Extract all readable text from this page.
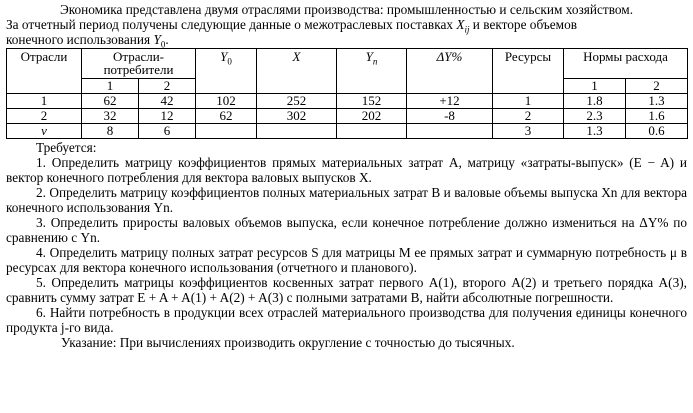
Экономика представлена двумя отраслями производства: промышленностью и сельским хозяйством.

За отчетный период получены следующие данные о межотраслевых поставках $X_{ij}$ и векторе объемов

конечного использования $Y_0$.

Отрасли	Отрасли-потребители		$Y_0$	X	$Y_n$	ΔY%	Ресурсы	Нормы расхода	
	1	2						1	2
1	62	42	102	252	152	+12	1	1.8	1.3
2	32	12	62	302	202	-8	2	2.3	1.6
ν	8	6					3	1.3	0.6

Требуется:

1. Определить матрицу коэффициентов прямых материальных затрат A, матрицу «затраты-выпуск» (E − A) и вектор конечного потребления для вектора валовых выпусков X.

2. Определить матрицу коэффициентов полных материальных затрат B и валовые объемы выпуска Xn для вектора конечного использования Yn.

3. Определить приросты валовых объемов выпуска, если конечное потребление должно измениться на ΔY% по сравнению с Yn.

4. Определить матрицу полных затрат ресурсов S для матрицы M ее прямых затрат и суммарную потребность μ в ресурсах для вектора конечного использования (отчетного и планового).

5. Определить матрицы коэффициентов косвенных затрат первого A(1), второго A(2) и третьего порядка A(3), сравнить сумму затрат E + A + A(1) + A(2) + A(3) с полными затратами B, найти абсолютные погрешности.

6. Найти потребность в продукции всех отраслей материального производства для получения единицы конечного продукта j-го вида.

Указание: При вычислениях производить округление с точностью до тысячных.
